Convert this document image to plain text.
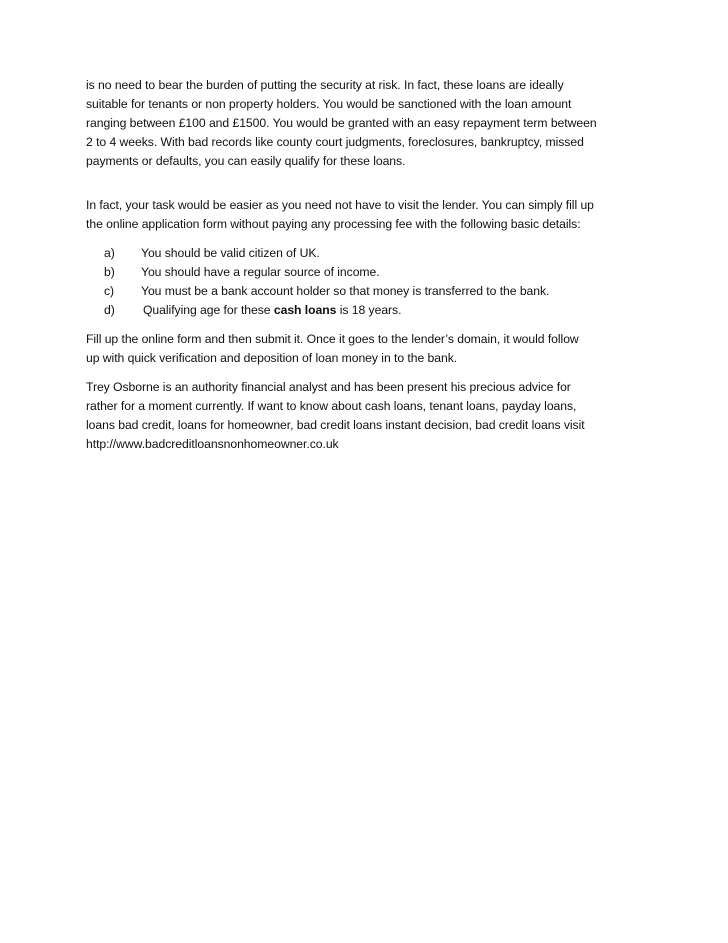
is no need to bear the burden of putting the security at risk. In fact, these loans are ideally
suitable for tenants or non property holders. You would be sanctioned with the loan amount
ranging between £100 and £1500. You would be granted with an easy repayment term between
2 to 4 weeks. With bad records like county court judgments, foreclosures, bankruptcy, missed
payments or defaults, you can easily qualify for these loans.

In fact, your task would be easier as you need not have to visit the lender. You can simply fill up
the online application form without paying any processing fee with the following basic details:

a)	You should be valid citizen of UK.
b)	You should have a regular source of income.
c)	You must be a bank account holder so that money is transferred to the bank.
d)	Qualifying age for these cash loans is 18 years.

Fill up the online form and then submit it. Once it goes to the lender’s domain, it would follow
up with quick verification and deposition of loan money in to the bank.

Trey Osborne is an authority financial analyst and has been present his precious advice for
rather for a moment currently. If want to know about cash loans, tenant loans, payday loans,
loans bad credit, loans for homeowner, bad credit loans instant decision, bad credit loans visit
http://www.badcreditloansnonhomeowner.co.uk
